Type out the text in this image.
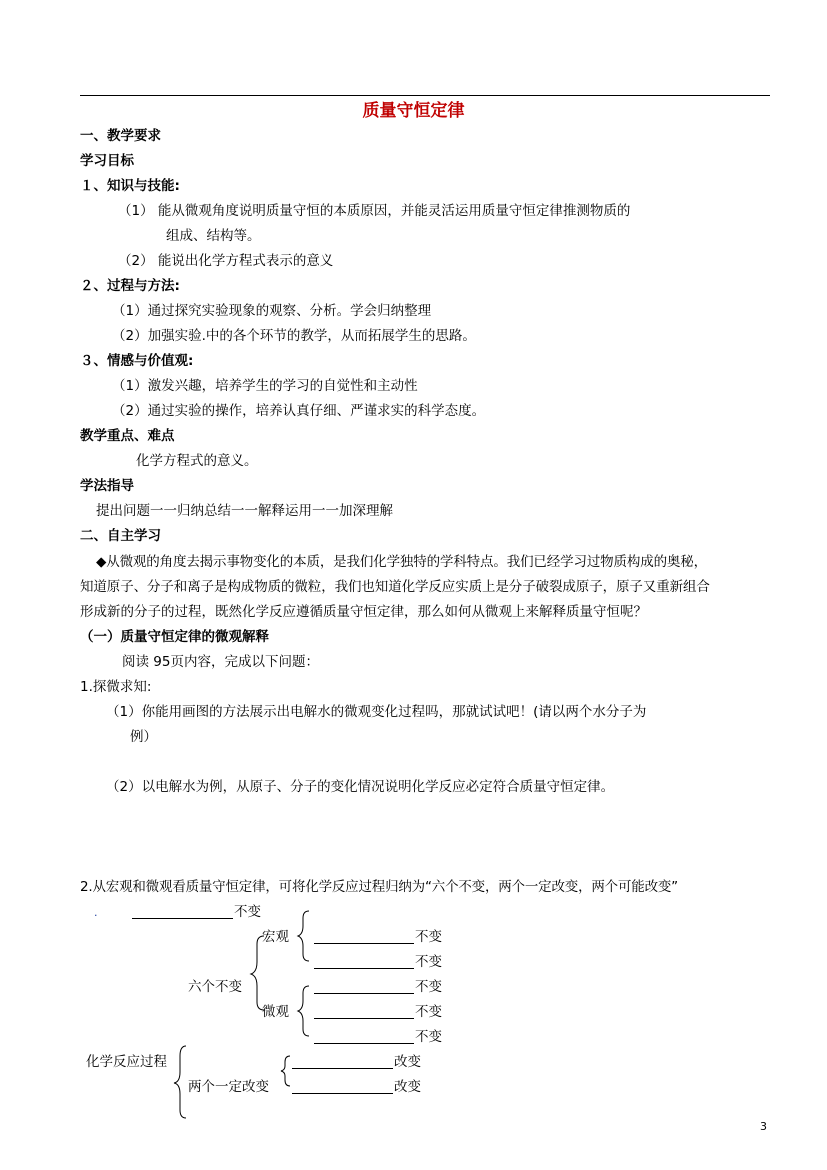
质量守恒定律
一、教学要求
学习目标
１、知识与技能:
（1） 能从微观角度说明质量守恒的本质原因，并能灵活运用质量守恒定律推测物质的
组成、结构等。
（2） 能说出化学方程式表示的意义
２、过程与方法:
（1）通过探究实验现象的观察、分析。学会归纳整理
（2）加强实验.中的各个环节的教学，从而拓展学生的思路。
３、情感与价值观:
（1）激发兴趣，培养学生的学习的自觉性和主动性
（2）通过实验的操作，培养认真仔细、严谨求实的科学态度。
教学重点、难点
化学方程式的意义。
学法指导
提出问题一一归纳总结一一解释运用一一加深理解
二、自主学习
◆从微观的角度去揭示事物变化的本质，是我们化学独特的学科特点。我们已经学习过物质构成的奥秘，
知道原子、分子和离子是构成物质的微粒，我们也知道化学反应实质上是分子破裂成原子，原子又重新组合
形成新的分子的过程，既然化学反应遵循质量守恒定律，那么如何从微观上来解释质量守恒呢？
（一）质量守恒定律的微观解释
阅读 95页内容，完成以下问题：
1.探微求知:
（1）你能用画图的方法展示出电解水的微观变化过程吗，那就试试吧！(请以两个水分子为
例）
（2）以电解水为例，从原子、分子的变化情况说明化学反应必定符合质量守恒定律。
2.从宏观和微观看质量守恒定律，可将化学反应过程归纳为“六个不变，两个一定改变，两个可能改变”
.	不变
宏观	不变
不变
六个不变	不变
微观	不变
不变
化学反应过程	改变
两个一定改变	改变
3
